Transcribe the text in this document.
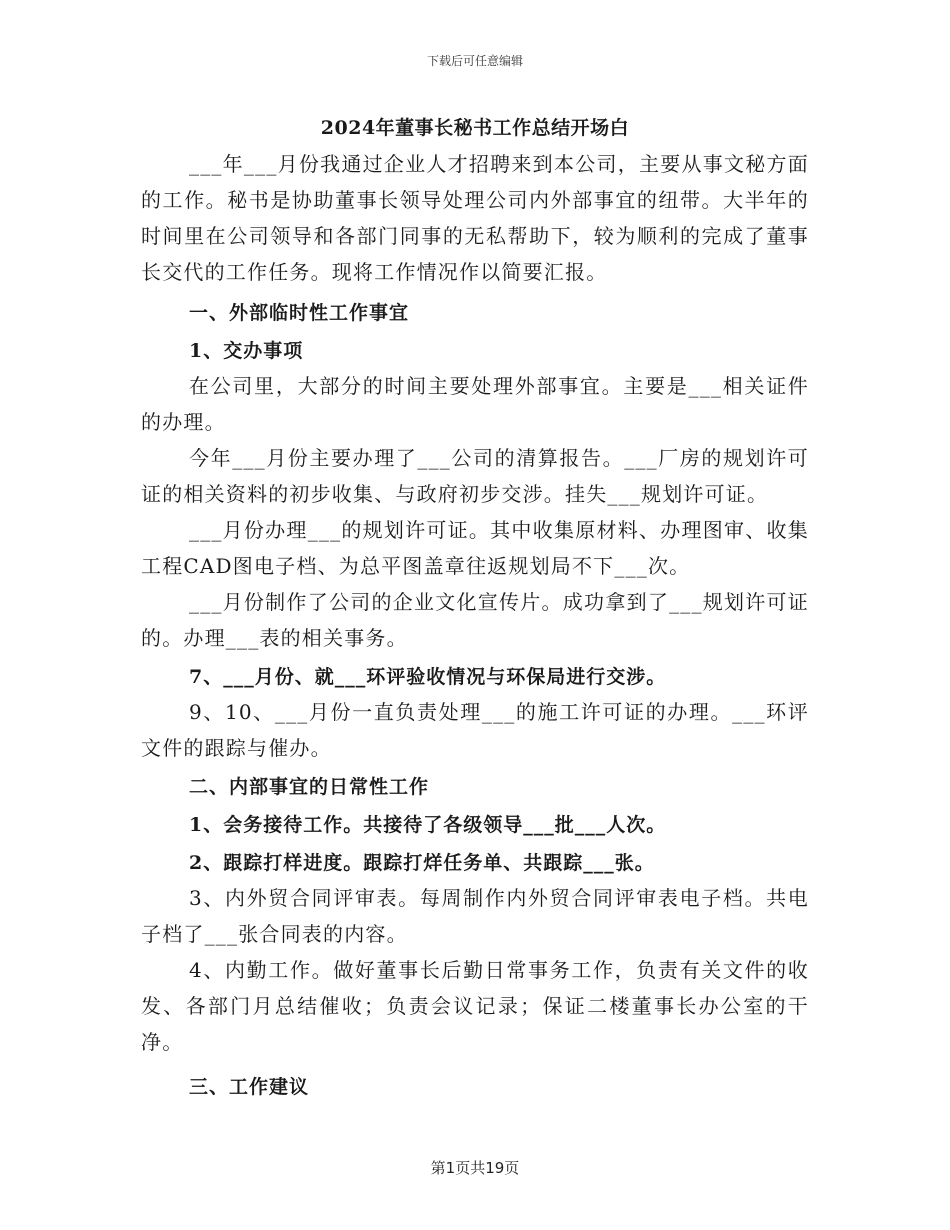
下载后可任意编辑
2024年董事长秘书工作总结开场白

___年___月份我通过企业人才招聘来到本公司，主要从事文秘方面的工作。秘书是协助董事长领导处理公司内外部事宜的纽带。大半年的时间里在公司领导和各部门同事的无私帮助下，较为顺利的完成了董事长交代的工作任务。现将工作情况作以简要汇报。

一、外部临时性工作事宜

1、交办事项

在公司里，大部分的时间主要处理外部事宜。主要是___相关证件的办理。

今年___月份主要办理了___公司的清算报告。___厂房的规划许可证的相关资料的初步收集、与政府初步交涉。挂失___规划许可证。

___月份办理___的规划许可证。其中收集原材料、办理图审、收集工程CAD图电子档、为总平图盖章往返规划局不下___次。

___月份制作了公司的企业文化宣传片。成功拿到了___规划许可证的。办理___表的相关事务。

7、___月份、就___环评验收情况与环保局进行交涉。

9、10、___月份一直负责处理___的施工许可证的办理。___环评文件的跟踪与催办。

二、内部事宜的日常性工作

1、会务接待工作。共接待了各级领导___批___人次。

2、跟踪打样进度。跟踪打烊任务单、共跟踪___张。

3、内外贸合同评审表。每周制作内外贸合同评审表电子档。共电子档了___张合同表的内容。

4、内勤工作。做好董事长后勤日常事务工作，负责有关文件的收发、各部门月总结催收；负责会议记录；保证二楼董事长办公室的干净。

三、工作建议

第1页共19页
